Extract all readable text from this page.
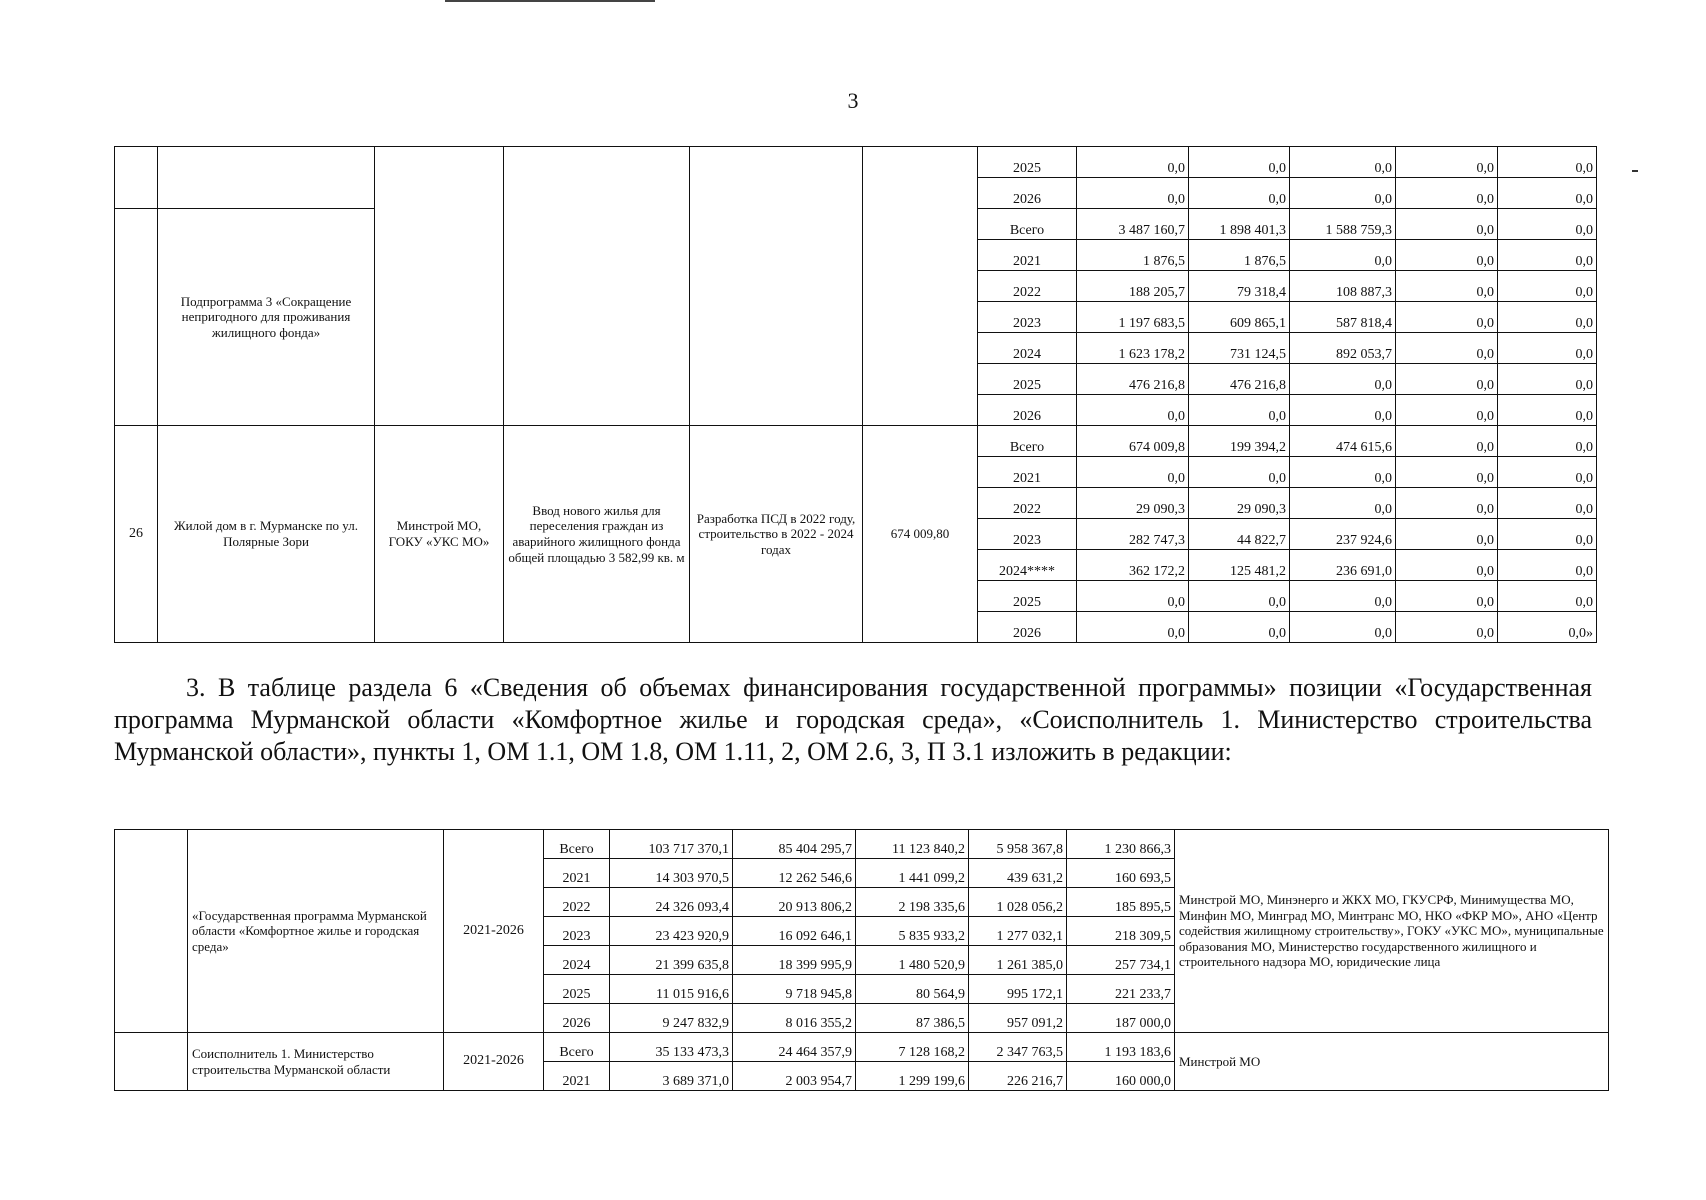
3
						2025	0,0	0,0	0,0	0,0	0,0
						2026	0,0	0,0	0,0	0,0	0,0
	Подпрограмма 3 «Сокращение непригодного для проживания жилищного фонда»					Всего	3 487 160,7	1 898 401,3	1 588 759,3	0,0	0,0
						2021	1 876,5	1 876,5	0,0	0,0	0,0
						2022	188 205,7	79 318,4	108 887,3	0,0	0,0
						2023	1 197 683,5	609 865,1	587 818,4	0,0	0,0
						2024	1 623 178,2	731 124,5	892 053,7	0,0	0,0
						2025	476 216,8	476 216,8	0,0	0,0	0,0
						2026	0,0	0,0	0,0	0,0	0,0
26	Жилой дом в г. Мурманске по ул. Полярные Зори	Минстрой МО, ГОКУ «УКС МО»	Ввод нового жилья для переселения граждан из аварийного жилищного фонда общей площадью 3 582,99 кв. м	Разработка ПСД в 2022 году, строительство в 2022 - 2024 годах	674 009,80	Всего	674 009,8	199 394,2	474 615,6	0,0	0,0
						2021	0,0	0,0	0,0	0,0	0,0
						2022	29 090,3	29 090,3	0,0	0,0	0,0
						2023	282 747,3	44 822,7	237 924,6	0,0	0,0
						2024****	362 172,2	125 481,2	236 691,0	0,0	0,0
						2025	0,0	0,0	0,0	0,0	0,0
						2026	0,0	0,0	0,0	0,0	0,0»

3. В таблице раздела 6 «Сведения об объемах финансирования государственной программы» позиции «Государственная программа Мурманской области «Комфортное жилье и городская среда», «Соисполнитель 1. Министерство строительства Мурманской области», пункты 1, ОМ 1.1, ОМ 1.8, ОМ 1.11, 2, ОМ 2.6, 3, П 3.1 изложить в редакции:

	«Государственная программа Мурманской области «Комфортное жилье и городская среда»	2021-2026	Всего	103 717 370,1	85 404 295,7	11 123 840,2	5 958 367,8	1 230 866,3	Минстрой МО, Минэнерго и ЖКХ МО, ГКУСРФ, Минимущества МО, Минфин МО, Минград МО, Минтранс МО, НКО «ФКР МО», АНО «Центр содействия жилищному строительству», ГОКУ «УКС МО», муниципальные образования МО, Министерство государственного жилищного и строительного надзора МО, юридические лица
			2021	14 303 970,5	12 262 546,6	1 441 099,2	439 631,2	160 693,5	
			2022	24 326 093,4	20 913 806,2	2 198 335,6	1 028 056,2	185 895,5	
			2023	23 423 920,9	16 092 646,1	5 835 933,2	1 277 032,1	218 309,5	
			2024	21 399 635,8	18 399 995,9	1 480 520,9	1 261 385,0	257 734,1	
			2025	11 015 916,6	9 718 945,8	80 564,9	995 172,1	221 233,7	
			2026	9 247 832,9	8 016 355,2	87 386,5	957 091,2	187 000,0	
	Соисполнитель 1. Министерство строительства Мурманской области	2021-2026	Всего	35 133 473,3	24 464 357,9	7 128 168,2	2 347 763,5	1 193 183,6	Минстрой МО
			2021	3 689 371,0	2 003 954,7	1 299 199,6	226 216,7	160 000,0	
